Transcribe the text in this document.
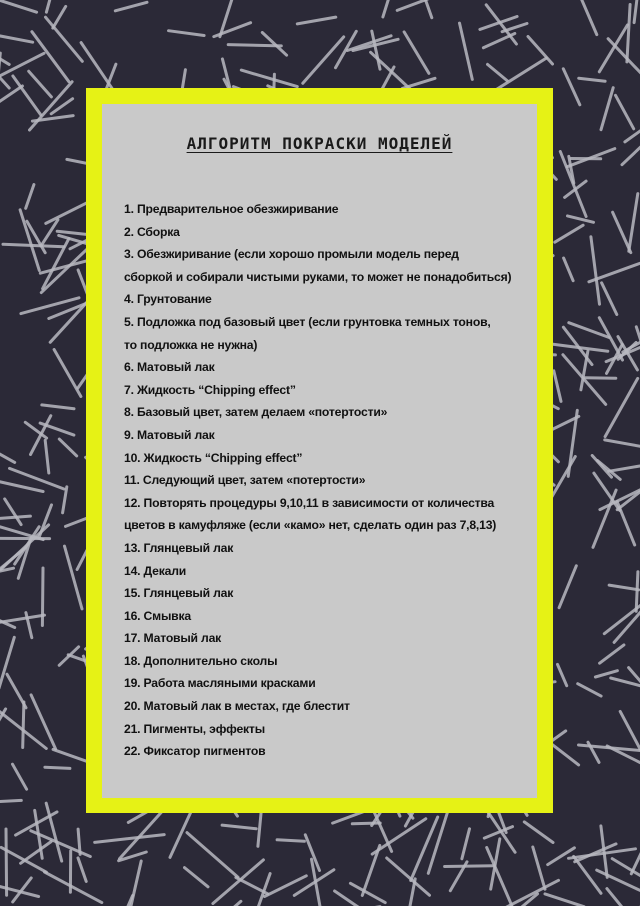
АЛГОРИТМ ПОКРАСКИ МОДЕЛЕЙ
1. Предварительное обезжиривание
2. Сборка
3. Обезжиривание (если хорошо промыли модель перед
сборкой и собирали чистыми руками, то может не понадобиться)
4. Грунтование
5. Подложка под базовый цвет (если грунтовка темных тонов,
то подложка не нужна)
6. Матовый лак
7. Жидкость “Chipping effect”
8. Базовый цвет, затем делаем «потертости»
9. Матовый лак
10. Жидкость “Chipping effect”
11. Следующий цвет, затем «потертости»
12. Повторять процедуры 9,10,11 в зависимости от количества
цветов в камуфляже (если «камо» нет, сделать один раз 7,8,13)
13. Глянцевый лак
14. Декали
15. Глянцевый лак
16. Смывка
17. Матовый лак
18. Дополнительно сколы
19. Работа масляными красками
20. Матовый лак в местах, где блестит
21. Пигменты, эффекты
22. Фиксатор пигментов
